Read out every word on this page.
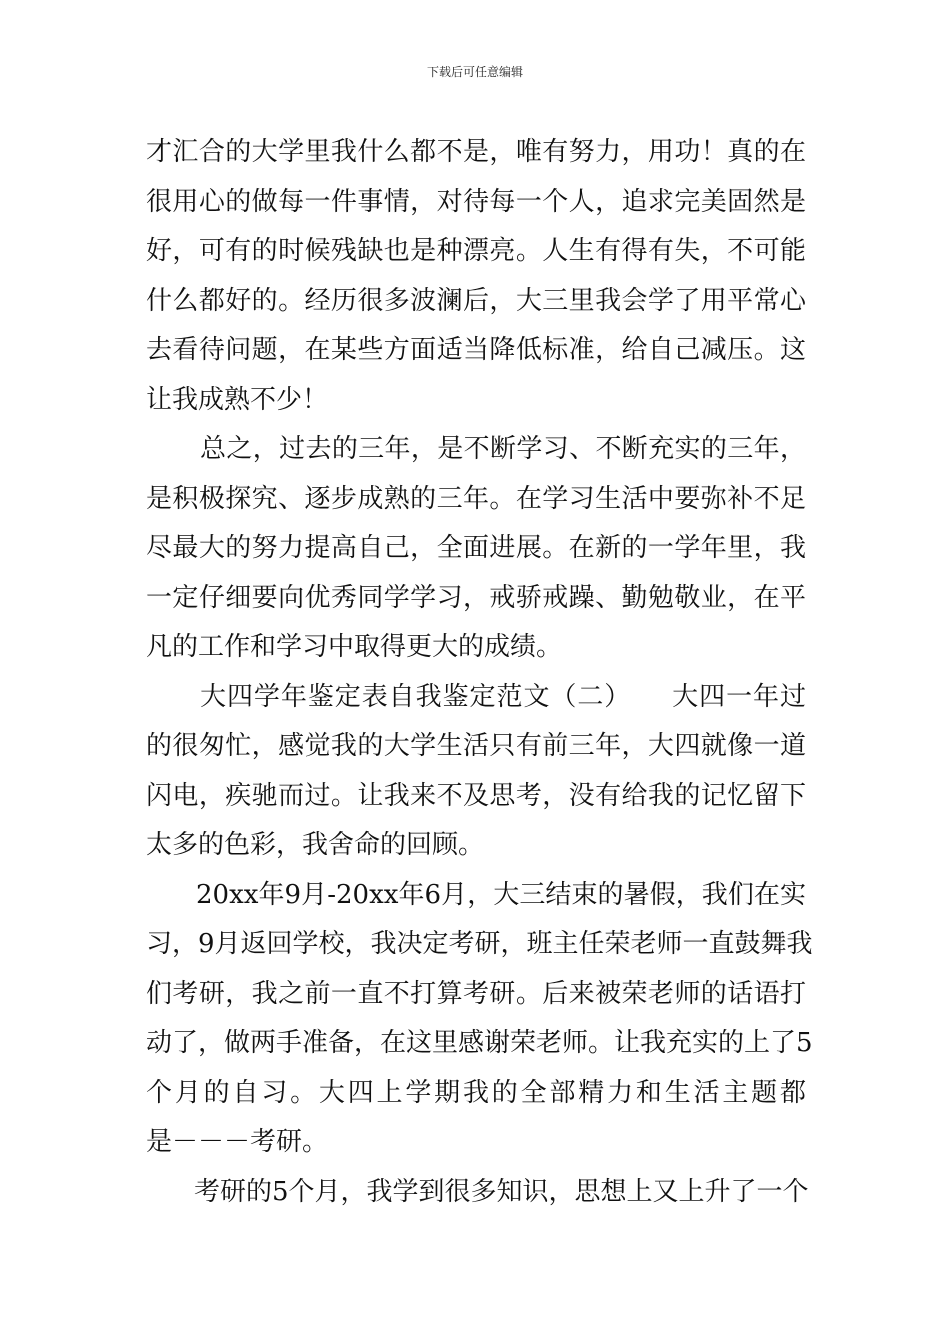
下载后可任意编辑
才汇合的大学里我什么都不是，唯有努力，用功！真的在
很用心的做每一件事情，对待每一个人，追求完美固然是
好，可有的时候残缺也是种漂亮。人生有得有失，不可能
什么都好的。经历很多波澜后，大三里我会学了用平常心
去看待问题，在某些方面适当降低标准，给自己减压。这
让我成熟不少！
总之，过去的三年，是不断学习、不断充实的三年，
是积极探究、逐步成熟的三年。在学习生活中要弥补不足
尽最大的努力提高自己，全面进展。在新的一学年里，我
一定仔细要向优秀同学学习，戒骄戒躁、勤勉敬业，在平
凡的工作和学习中取得更大的成绩。
大四学年鉴定表自我鉴定范文（二）　　大四一年过
的很匆忙，感觉我的大学生活只有前三年，大四就像一道
闪电，疾驰而过。让我来不及思考，没有给我的记忆留下
太多的色彩，我舍命的回顾。
20xx年9月-20xx年6月，大三结束的暑假，我们在实
习，9月返回学校，我决定考研，班主任荣老师一直鼓舞我
们考研，我之前一直不打算考研。后来被荣老师的话语打
动了，做两手准备，在这里感谢荣老师。让我充实的上了5
个月的自习。大四上学期我的全部精力和生活主题都
是－－－考研。
考研的5个月，我学到很多知识，思想上又上升了一个
